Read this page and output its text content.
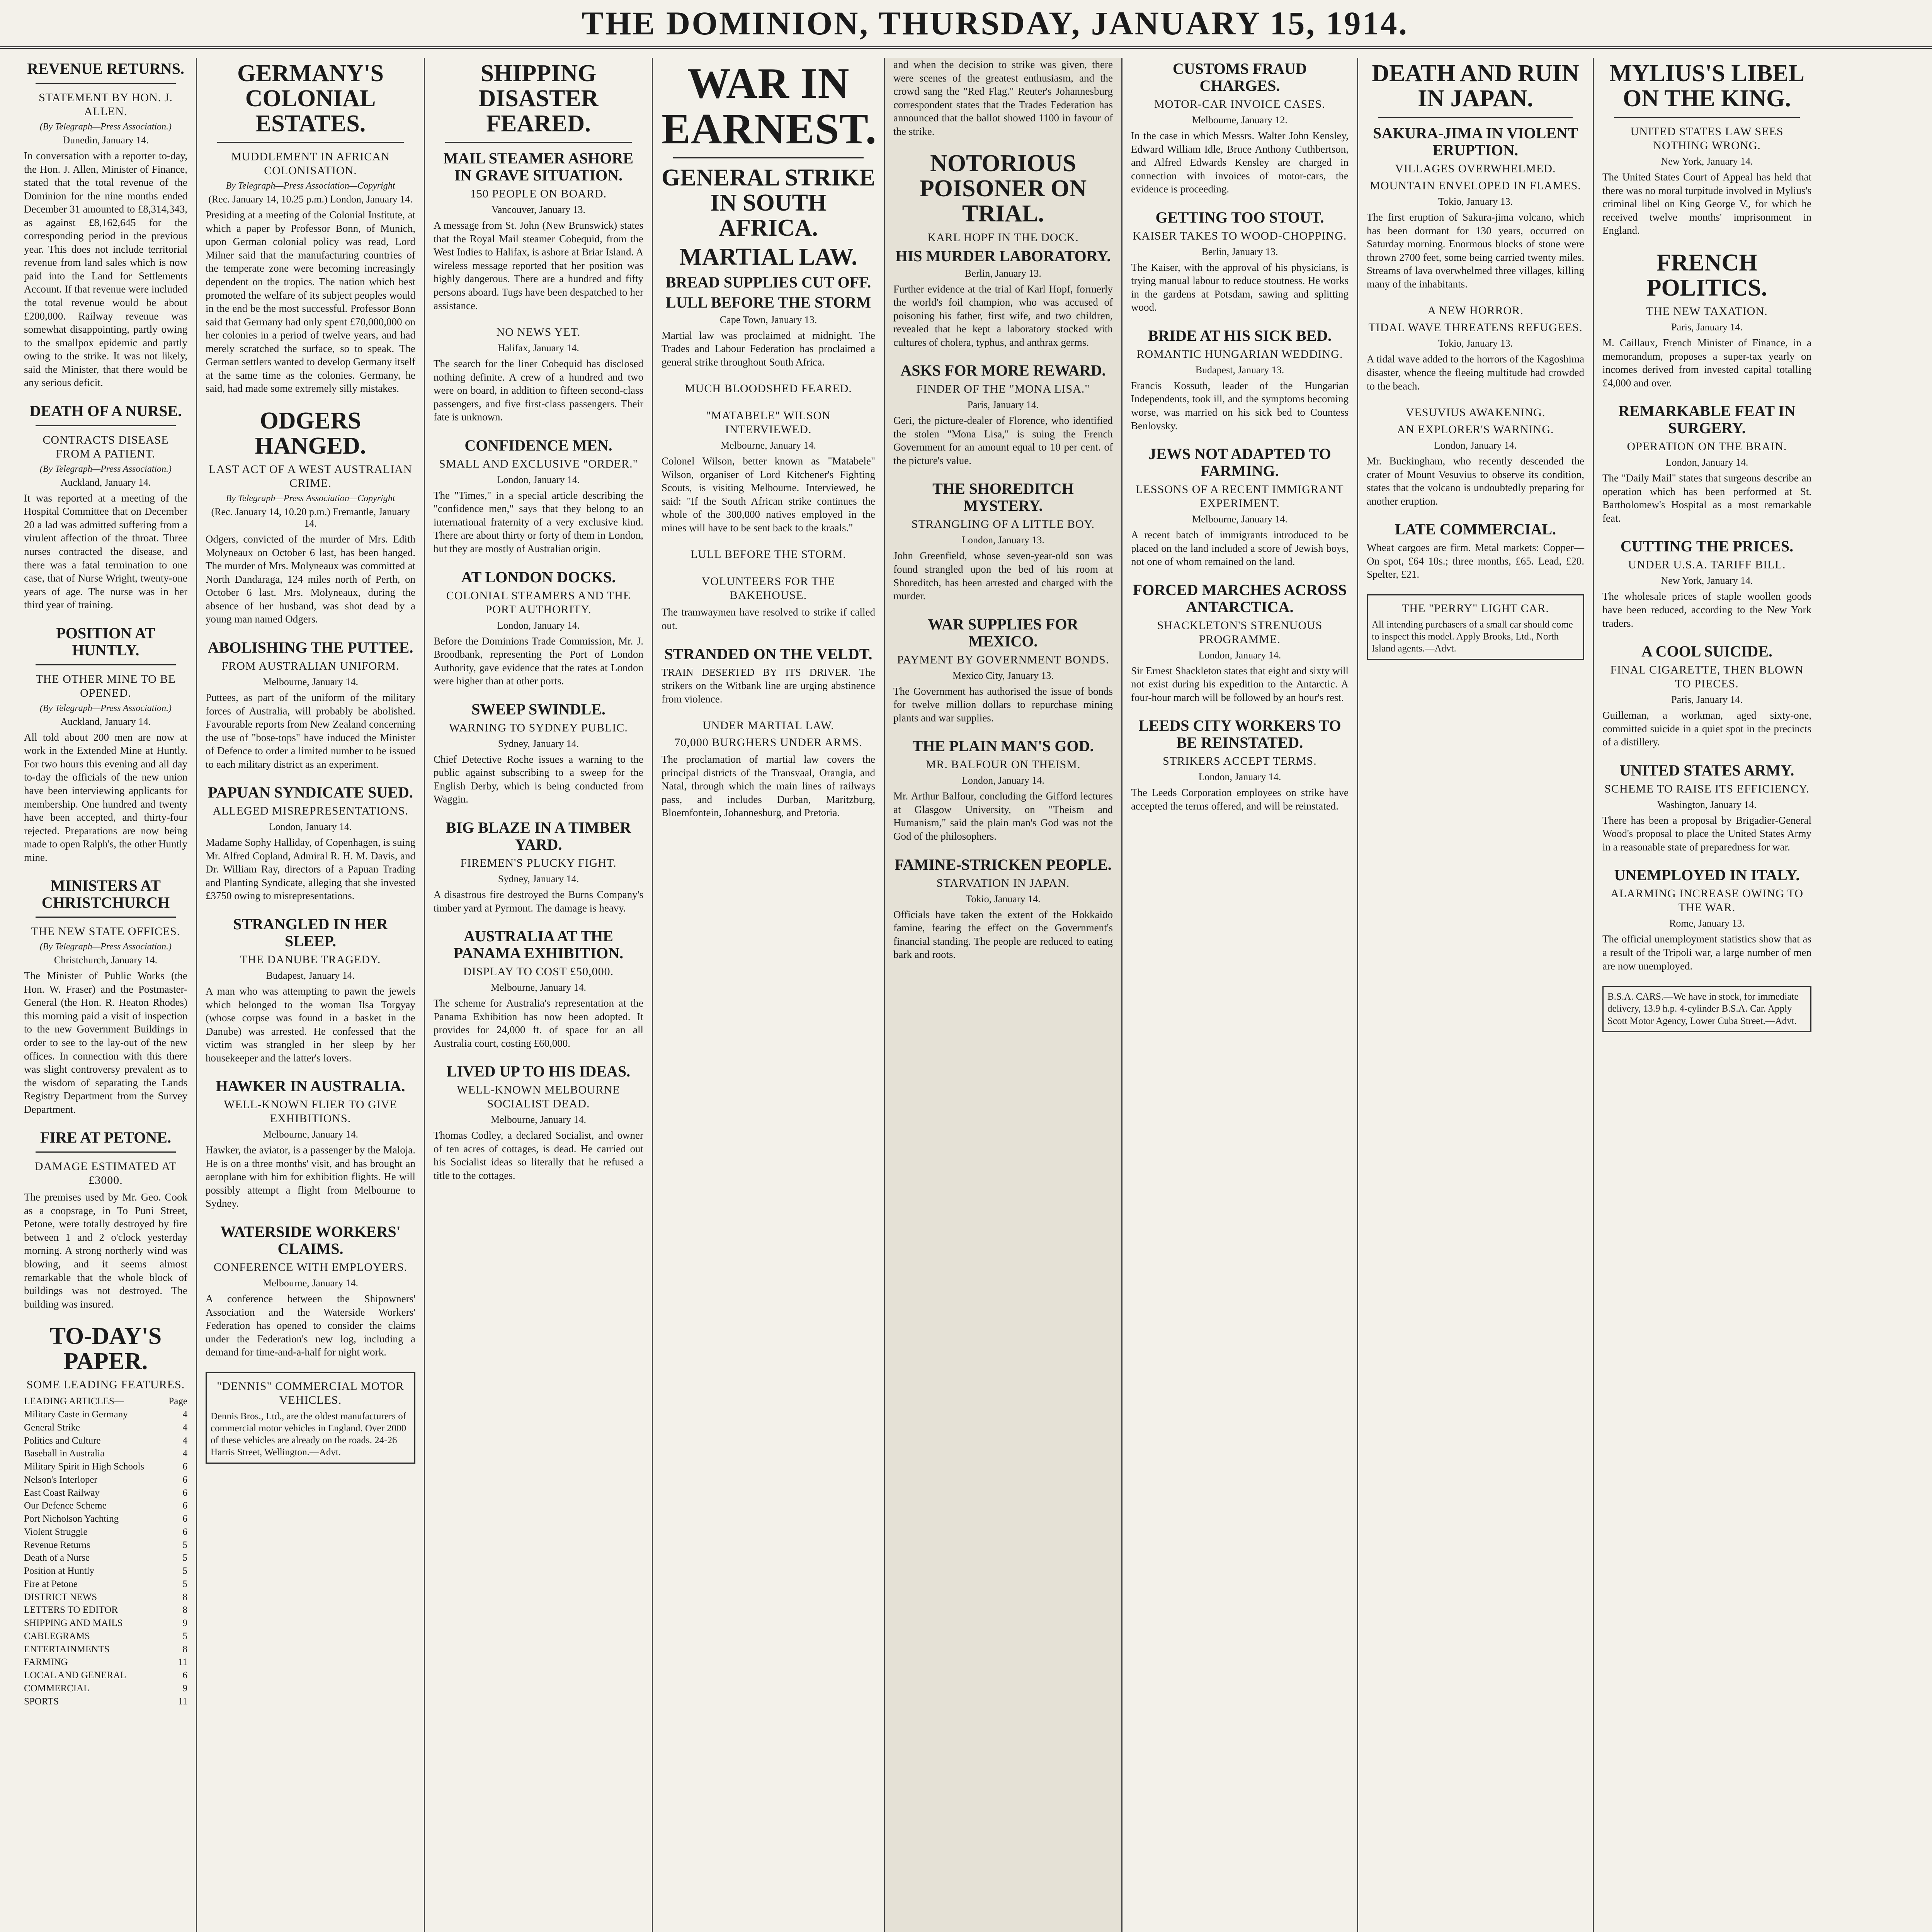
THE DOMINION, THURSDAY, JANUARY 15, 1914.
REVENUE RETURNS.
STATEMENT BY HON. J. ALLEN.
(By Telegraph—Press Association.)
Dunedin, January 14.

In conversation with a reporter to-day, the Hon. J. Allen, Minister of Finance, stated that the total revenue of the Dominion for the nine months ended December 31 amounted to £8,314,343, as against £8,162,645 for the corresponding period in the previous year. This does not include territorial revenue from land sales which is now paid into the Land for Settlements Account. If that revenue were included the total revenue would be about £200,000. Railway revenue was somewhat disappointing, partly owing to the smallpox epidemic and partly owing to the strike. It was not likely, said the Minister, that there would be any serious deficit.

DEATH OF A NURSE.
CONTRACTS DISEASE FROM A PATIENT.
(By Telegraph—Press Association.)
Auckland, January 14.

It was reported at a meeting of the Hospital Committee that on December 20 a lad was admitted suffering from a virulent affection of the throat. Three nurses contracted the disease, and there was a fatal termination to one case, that of Nurse Wright, twenty-one years of age. The nurse was in her third year of training.

POSITION AT HUNTLY.
THE OTHER MINE TO BE OPENED.
(By Telegraph—Press Association.)
Auckland, January 14.

All told about 200 men are now at work in the Extended Mine at Huntly. For two hours this evening and all day to-day the officials of the new union have been interviewing applicants for membership. One hundred and twenty have been accepted, and thirty-four rejected. Preparations are now being made to open Ralph's, the other Huntly mine.

MINISTERS AT CHRISTCHURCH
THE NEW STATE OFFICES.
(By Telegraph—Press Association.)
Christchurch, January 14.

The Minister of Public Works (the Hon. W. Fraser) and the Postmaster-General (the Hon. R. Heaton Rhodes) this morning paid a visit of inspection to the new Government Buildings in order to see to the lay-out of the new offices. In connection with this there was slight controversy prevalent as to the wisdom of separating the Lands Registry Department from the Survey Department.

FIRE AT PETONE.
DAMAGE ESTIMATED AT £3000.

The premises used by Mr. Geo. Cook as a coopsrage, in To Puni Street, Petone, were totally destroyed by fire between 1 and 2 o'clock yesterday morning. A strong northerly wind was blowing, and it seems almost remarkable that the whole block of buildings was not destroyed. The building was insured.

TO-DAY'S PAPER.
SOME LEADING FEATURES.
LEADING ARTICLES—	Page
Military Caste in Germany	4
General Strike	4
Politics and Culture	4
Baseball in Australia	4
Military Spirit in High Schools	6
Nelson's Interloper	6
East Coast Railway	6
Our Defence Scheme	6
Port Nicholson Yachting	6
Violent Struggle	6
Revenue Returns	5
Death of a Nurse	5
Position at Huntly	5
Fire at Petone	5
DISTRICT NEWS	8
LETTERS TO EDITOR	8
SHIPPING AND MAILS	9
CABLEGRAMS	5
ENTERTAINMENTS	8
FARMING	11
LOCAL AND GENERAL	6
COMMERCIAL	9
SPORTS	11
GERMANY'S COLONIAL ESTATES.
MUDDLEMENT IN AFRICAN COLONISATION.
By Telegraph—Press Association—Copyright
(Rec. January 14, 10.25 p.m.) London, January 14.

Presiding at a meeting of the Colonial Institute, at which a paper by Professor Bonn, of Munich, upon German colonial policy was read, Lord Milner said that the manufacturing countries of the temperate zone were becoming increasingly dependent on the tropics. The nation which best promoted the welfare of its subject peoples would in the end be the most successful. Professor Bonn said that Germany had only spent £70,000,000 on her colonies in a period of twelve years, and had merely scratched the surface, so to speak. The German settlers wanted to develop Germany itself at the same time as the colonies. Germany, he said, had made some extremely silly mistakes.

ODGERS HANGED.
LAST ACT OF A WEST AUSTRALIAN CRIME.
By Telegraph—Press Association—Copyright
(Rec. January 14, 10.20 p.m.) Fremantle, January 14.

Odgers, convicted of the murder of Mrs. Edith Molyneaux on October 6 last, has been hanged. The murder of Mrs. Molyneaux was committed at North Dandaraga, 124 miles north of Perth, on October 6 last. Mrs. Molyneaux, during the absence of her husband, was shot dead by a young man named Odgers.

ABOLISHING THE PUTTEE.
FROM AUSTRALIAN UNIFORM.
Melbourne, January 14.

Puttees, as part of the uniform of the military forces of Australia, will probably be abolished. Favourable reports from New Zealand concerning the use of "bose-tops" have induced the Minister of Defence to order a limited number to be issued to each military district as an experiment.

PAPUAN SYNDICATE SUED.
ALLEGED MISREPRESENTATIONS.
London, January 14.

Madame Sophy Halliday, of Copenhagen, is suing Mr. Alfred Copland, Admiral R. H. M. Davis, and Dr. William Ray, directors of a Papuan Trading and Planting Syndicate, alleging that she invested £3750 owing to misrepresentations.

STRANGLED IN HER SLEEP.
THE DANUBE TRAGEDY.
Budapest, January 14.

A man who was attempting to pawn the jewels which belonged to the woman Ilsa Torgyay (whose corpse was found in a basket in the Danube) was arrested. He confessed that the victim was strangled in her sleep by her housekeeper and the latter's lovers.

HAWKER IN AUSTRALIA.
WELL-KNOWN FLIER TO GIVE EXHIBITIONS.
Melbourne, January 14.

Hawker, the aviator, is a passenger by the Maloja. He is on a three months' visit, and has brought an aeroplane with him for exhibition flights. He will possibly attempt a flight from Melbourne to Sydney.

WATERSIDE WORKERS' CLAIMS.
CONFERENCE WITH EMPLOYERS.
Melbourne, January 14.

A conference between the Shipowners' Association and the Waterside Workers' Federation has opened to consider the claims under the Federation's new log, including a demand for time-and-a-half for night work.

"DENNIS" COMMERCIAL MOTOR VEHICLES.
Dennis Bros., Ltd., are the oldest manufacturers of commercial motor vehicles in England. Over 2000 of these vehicles are already on the roads. 24-26 Harris Street, Wellington.—Advt.
SHIPPING DISASTER FEARED.
MAIL STEAMER ASHORE IN GRAVE SITUATION.
150 PEOPLE ON BOARD.
Vancouver, January 13.

A message from St. John (New Brunswick) states that the Royal Mail steamer Cobequid, from the West Indies to Halifax, is ashore at Briar Island. A wireless message reported that her position was highly dangerous. There are a hundred and fifty persons aboard. Tugs have been despatched to her assistance.

NO NEWS YET.
Halifax, January 14.

The search for the liner Cobequid has disclosed nothing definite. A crew of a hundred and two were on board, in addition to fifteen second-class passengers, and five first-class passengers. Their fate is unknown.

CONFIDENCE MEN.
SMALL AND EXCLUSIVE "ORDER."
London, January 14.

The "Times," in a special article describing the "confidence men," says that they belong to an international fraternity of a very exclusive kind. There are about thirty or forty of them in London, but they are mostly of Australian origin.

AT LONDON DOCKS.
COLONIAL STEAMERS AND THE PORT AUTHORITY.
London, January 14.

Before the Dominions Trade Commission, Mr. J. Broodbank, representing the Port of London Authority, gave evidence that the rates at London were higher than at other ports.

SWEEP SWINDLE.
WARNING TO SYDNEY PUBLIC.
Sydney, January 14.

Chief Detective Roche issues a warning to the public against subscribing to a sweep for the English Derby, which is being conducted from Waggin.

BIG BLAZE IN A TIMBER YARD.
FIREMEN'S PLUCKY FIGHT.
Sydney, January 14.

A disastrous fire destroyed the Burns Company's timber yard at Pyrmont. The damage is heavy.

AUSTRALIA AT THE PANAMA EXHIBITION.
DISPLAY TO COST £50,000.
Melbourne, January 14.

The scheme for Australia's representation at the Panama Exhibition has now been adopted. It provides for 24,000 ft. of space for an all Australia court, costing £60,000.

LIVED UP TO HIS IDEAS.
WELL-KNOWN MELBOURNE SOCIALIST DEAD.
Melbourne, January 14.

Thomas Codley, a declared Socialist, and owner of ten acres of cottages, is dead. He carried out his Socialist ideas so literally that he refused a title to the cottages.

WAR IN EARNEST.
GENERAL STRIKE IN SOUTH AFRICA.
MARTIAL LAW.
BREAD SUPPLIES CUT OFF.
LULL BEFORE THE STORM
Cape Town, January 13.

Martial law was proclaimed at midnight. The Trades and Labour Federation has proclaimed a general strike throughout South Africa.

MUCH BLOODSHED FEARED.
"MATABELE" WILSON INTERVIEWED.
Melbourne, January 14.

Colonel Wilson, better known as "Matabele" Wilson, organiser of Lord Kitchener's Fighting Scouts, is visiting Melbourne. Interviewed, he said: "If the South African strike continues the whole of the 300,000 natives employed in the mines will have to be sent back to the kraals."

LULL BEFORE THE STORM.
VOLUNTEERS FOR THE BAKEHOUSE.

The tramwaymen have resolved to strike if called out.

STRANDED ON THE VELDT.

TRAIN DESERTED BY ITS DRIVER. The strikers on the Witbank line are urging abstinence from violence.

UNDER MARTIAL LAW.
70,000 BURGHERS UNDER ARMS.

The proclamation of martial law covers the principal districts of the Transvaal, Orangia, and Natal, through which the main lines of railways pass, and includes Durban, Maritzburg, Bloemfontein, Johannesburg, and Pretoria.

and when the decision to strike was given, there were scenes of the greatest enthusiasm, and the crowd sang the "Red Flag." Reuter's Johannesburg correspondent states that the Trades Federation has announced that the ballot showed 1100 in favour of the strike.

NOTORIOUS POISONER ON TRIAL.
KARL HOPF IN THE DOCK.
HIS MURDER LABORATORY.
Berlin, January 13.

Further evidence at the trial of Karl Hopf, formerly the world's foil champion, who was accused of poisoning his father, first wife, and two children, revealed that he kept a laboratory stocked with cultures of cholera, typhus, and anthrax germs.

ASKS FOR MORE REWARD.
FINDER OF THE "MONA LISA."
Paris, January 14.

Geri, the picture-dealer of Florence, who identified the stolen "Mona Lisa," is suing the French Government for an amount equal to 10 per cent. of the picture's value.

THE SHOREDITCH MYSTERY.
STRANGLING OF A LITTLE BOY.
London, January 13.

John Greenfield, whose seven-year-old son was found strangled upon the bed of his room at Shoreditch, has been arrested and charged with the murder.

WAR SUPPLIES FOR MEXICO.
PAYMENT BY GOVERNMENT BONDS.
Mexico City, January 13.

The Government has authorised the issue of bonds for twelve million dollars to repurchase mining plants and war supplies.

THE PLAIN MAN'S GOD.
MR. BALFOUR ON THEISM.
London, January 14.

Mr. Arthur Balfour, concluding the Gifford lectures at Glasgow University, on "Theism and Humanism," said the plain man's God was not the God of the philosophers.

FAMINE-STRICKEN PEOPLE.
STARVATION IN JAPAN.
Tokio, January 14.

Officials have taken the extent of the Hokkaido famine, fearing the effect on the Government's financial standing. The people are reduced to eating bark and roots.

CUSTOMS FRAUD CHARGES.
MOTOR-CAR INVOICE CASES.
Melbourne, January 12.

In the case in which Messrs. Walter John Kensley, Edward William Idle, Bruce Anthony Cuthbertson, and Alfred Edwards Kensley are charged in connection with invoices of motor-cars, the evidence is proceeding.

GETTING TOO STOUT.
KAISER TAKES TO WOOD-CHOPPING.
Berlin, January 13.

The Kaiser, with the approval of his physicians, is trying manual labour to reduce stoutness. He works in the gardens at Potsdam, sawing and splitting wood.

BRIDE AT HIS SICK BED.
ROMANTIC HUNGARIAN WEDDING.
Budapest, January 13.

Francis Kossuth, leader of the Hungarian Independents, took ill, and the symptoms becoming worse, was married on his sick bed to Countess Benlovsky.

JEWS NOT ADAPTED TO FARMING.
LESSONS OF A RECENT IMMIGRANT EXPERIMENT.
Melbourne, January 14.

A recent batch of immigrants introduced to be placed on the land included a score of Jewish boys, not one of whom remained on the land.

FORCED MARCHES ACROSS ANTARCTICA.
SHACKLETON'S STRENUOUS PROGRAMME.
London, January 14.

Sir Ernest Shackleton states that eight and sixty will not exist during his expedition to the Antarctic. A four-hour march will be followed by an hour's rest.

LEEDS CITY WORKERS TO BE REINSTATED.
STRIKERS ACCEPT TERMS.
London, January 14.

The Leeds Corporation employees on strike have accepted the terms offered, and will be reinstated.

DEATH AND RUIN IN JAPAN.
SAKURA-JIMA IN VIOLENT ERUPTION.
VILLAGES OVERWHELMED.
MOUNTAIN ENVELOPED IN FLAMES.
Tokio, January 13.

The first eruption of Sakura-jima volcano, which has been dormant for 130 years, occurred on Saturday morning. Enormous blocks of stone were thrown 2700 feet, some being carried twenty miles. Streams of lava overwhelmed three villages, killing many of the inhabitants.

A NEW HORROR.
TIDAL WAVE THREATENS REFUGEES.
Tokio, January 13.

A tidal wave added to the horrors of the Kagoshima disaster, whence the fleeing multitude had crowded to the beach.

VESUVIUS AWAKENING.
AN EXPLORER'S WARNING.
London, January 14.

Mr. Buckingham, who recently descended the crater of Mount Vesuvius to observe its condition, states that the volcano is undoubtedly preparing for another eruption.

LATE COMMERCIAL.

Wheat cargoes are firm. Metal markets: Copper—On spot, £64 10s.; three months, £65. Lead, £20. Spelter, £21.

THE "PERRY" LIGHT CAR.
All intending purchasers of a small car should come to inspect this model. Apply Brooks, Ltd., North Island agents.—Advt.
MYLIUS'S LIBEL ON THE KING.
UNITED STATES LAW SEES NOTHING WRONG.
New York, January 14.

The United States Court of Appeal has held that there was no moral turpitude involved in Mylius's criminal libel on King George V., for which he received twelve months' imprisonment in England.

FRENCH POLITICS.
THE NEW TAXATION.
Paris, January 14.

M. Caillaux, French Minister of Finance, in a memorandum, proposes a super-tax yearly on incomes derived from invested capital totalling £4,000 and over.

REMARKABLE FEAT IN SURGERY.
OPERATION ON THE BRAIN.
London, January 14.

The "Daily Mail" states that surgeons describe an operation which has been performed at St. Bartholomew's Hospital as a most remarkable feat.

CUTTING THE PRICES.
UNDER U.S.A. TARIFF BILL.
New York, January 14.

The wholesale prices of staple woollen goods have been reduced, according to the New York traders.

A COOL SUICIDE.
FINAL CIGARETTE, THEN BLOWN TO PIECES.
Paris, January 14.

Guilleman, a workman, aged sixty-one, committed suicide in a quiet spot in the precincts of a distillery.

UNITED STATES ARMY.
SCHEME TO RAISE ITS EFFICIENCY.
Washington, January 14.

There has been a proposal by Brigadier-General Wood's proposal to place the United States Army in a reasonable state of preparedness for war.

UNEMPLOYED IN ITALY.
ALARMING INCREASE OWING TO THE WAR.
Rome, January 13.

The official unemployment statistics show that as a result of the Tripoli war, a large number of men are now unemployed.

B.S.A. CARS.—We have in stock, for immediate delivery, 13.9 h.p. 4-cylinder B.S.A. Car. Apply Scott Motor Agency, Lower Cuba Street.—Advt.
